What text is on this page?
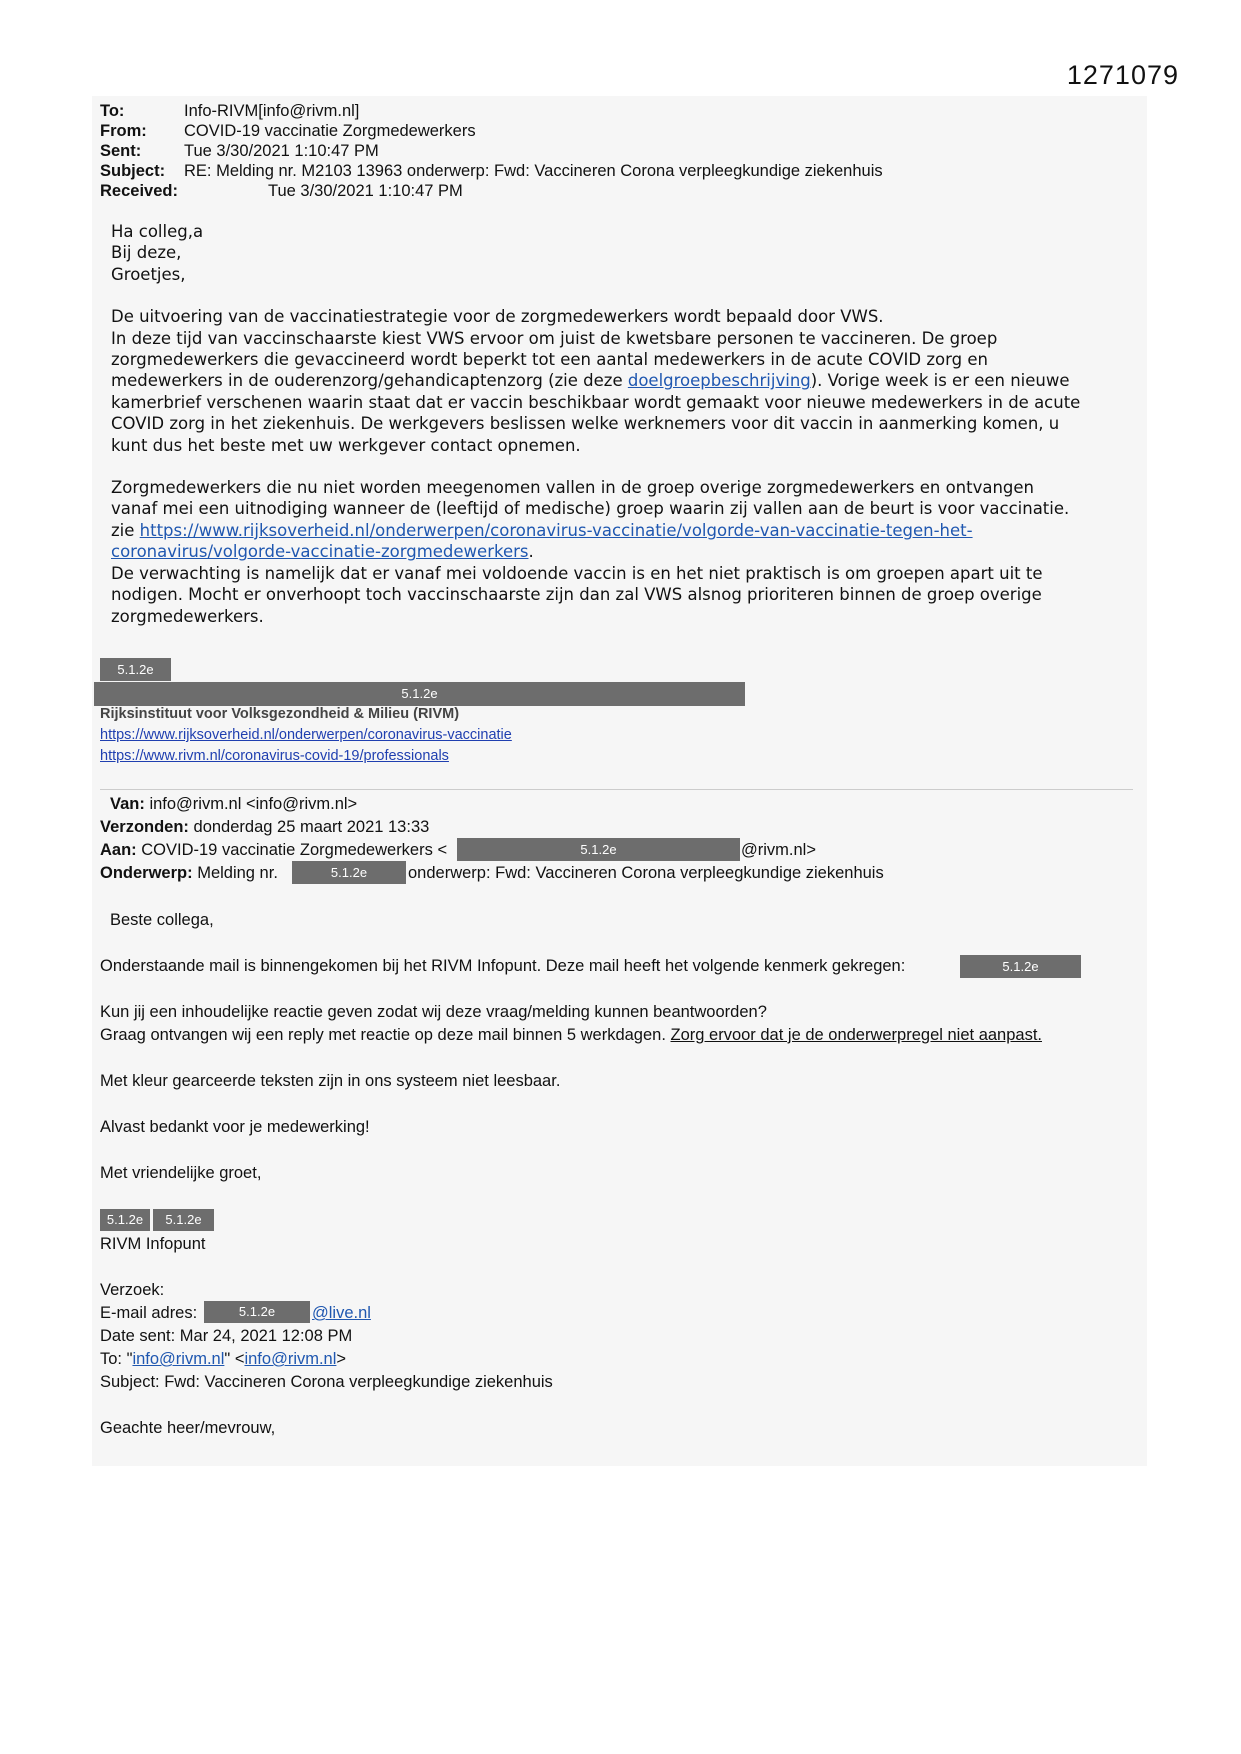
1271079
To:	Info-RIVM[info@rivm.nl]
From:	COVID-19 vaccinatie Zorgmedewerkers
Sent:	Tue 3/30/2021 1:10:47 PM
Subject:	RE: Melding nr. M2103 13963 onderwerp: Fwd: Vaccineren Corona verpleegkundige ziekenhuis
Received:	Tue 3/30/2021 1:10:47 PM

Ha colleg,a

Bij deze,

Groetjes,

De uitvoering van de vaccinatiestrategie voor de zorgmedewerkers wordt bepaald door VWS.

In deze tijd van vaccinschaarste kiest VWS ervoor om juist de kwetsbare personen te vaccineren. De groep

zorgmedewerkers die gevaccineerd wordt beperkt tot een aantal medewerkers in de acute COVID zorg en

medewerkers in de ouderenzorg/gehandicaptenzorg (zie deze doelgroepbeschrijving). Vorige week is er een nieuwe

kamerbrief verschenen waarin staat dat er vaccin beschikbaar wordt gemaakt voor nieuwe medewerkers in de acute

COVID zorg in het ziekenhuis. De werkgevers beslissen welke werknemers voor dit vaccin in aanmerking komen, u

kunt dus het beste met uw werkgever contact opnemen.

Zorgmedewerkers die nu niet worden meegenomen vallen in de groep overige zorgmedewerkers en ontvangen

vanaf mei een uitnodiging wanneer de (leeftijd of medische) groep waarin zij vallen aan de beurt is voor vaccinatie.

zie https://www.rijksoverheid.nl/onderwerpen/coronavirus-vaccinatie/volgorde-van-vaccinatie-tegen-het-

coronavirus/volgorde-vaccinatie-zorgmedewerkers.

De verwachting is namelijk dat er vanaf mei voldoende vaccin is en het niet praktisch is om groepen apart uit te

nodigen. Mocht er onverhoopt toch vaccinschaarste zijn dan zal VWS alsnog prioriteren binnen de groep overige

zorgmedewerkers.

5.1.2e
5.1.2e
Rijksinstituut voor Volksgezondheid & Milieu (RIVM)
https://www.rijksoverheid.nl/onderwerpen/coronavirus-vaccinatie
https://www.rivm.nl/coronavirus-covid-19/professionals
Van: info@rivm.nl <info@rivm.nl>
Verzonden: donderdag 25 maart 2021 13:33
Aan: COVID-19 vaccinatie Zorgmedewerkers <	5.1.2e	@rivm.nl>
Onderwerp: Melding nr.	5.1.2e	onderwerp: Fwd: Vaccineren Corona verpleegkundige ziekenhuis
Beste collega,
Onderstaande mail is binnengekomen bij het RIVM Infopunt. Deze mail heeft het volgende kenmerk gekregen:	5.1.2e
Kun jij een inhoudelijke reactie geven zodat wij deze vraag/melding kunnen beantwoorden?
Graag ontvangen wij een reply met reactie op deze mail binnen 5 werkdagen. Zorg ervoor dat je de onderwerpregel niet aanpast.
Met kleur gearceerde teksten zijn in ons systeem niet leesbaar.
Alvast bedankt voor je medewerking!
Met vriendelijke groet,
5.1.2e	5.1.2e
RIVM Infopunt
Verzoek:
E-mail adres:	5.1.2e	@live.nl
Date sent: Mar 24, 2021 12:08 PM
To: "info@rivm.nl" <info@rivm.nl>
Subject: Fwd: Vaccineren Corona verpleegkundige ziekenhuis
Geachte heer/mevrouw,
